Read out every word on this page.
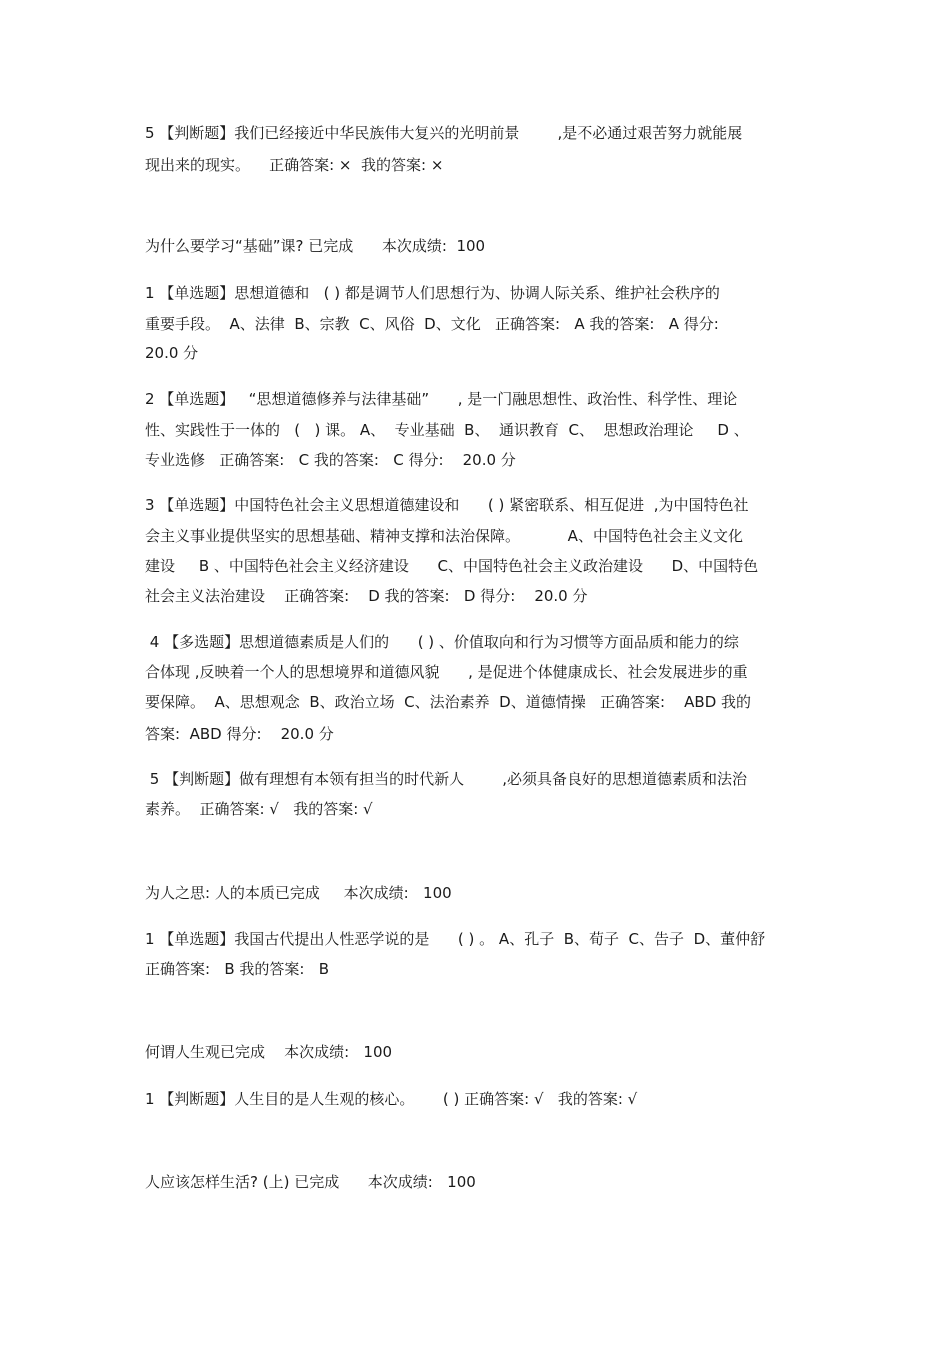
5 【判断题】我们已经接近中华民族伟大复兴的光明前景        ,是不必通过艰苦努力就能展
现出来的现实。    正确答案: ×  我的答案: ×
为什么要学习“基础”课? 已完成      本次成绩:  100
1 【单选题】思想道德和   ( ) 都是调节人们思想行为、协调人际关系、维护社会秩序的
重要手段。  A、法律  B、宗教  C、风俗  D、文化   正确答案:   A 我的答案:   A 得分:
20.0 分
2 【单选题】   “思想道德修养与法律基础”      , 是一门融思想性、政治性、科学性、理论
性、实践性于一体的   (   ) 课。 A、  专业基础  B、  通识教育  C、  思想政治理论     D 、
专业选修   正确答案:   C 我的答案:   C 得分:    20.0 分
3 【单选题】中国特色社会主义思想道德建设和      ( ) 紧密联系、相互促进  ,为中国特色社
会主义事业提供坚实的思想基础、精神支撑和法治保障。          A、中国特色社会主义文化
建设     B 、中国特色社会主义经济建设      C、中国特色社会主义政治建设      D、中国特色
社会主义法治建设    正确答案:    D 我的答案:   D 得分:    20.0 分
4 【多选题】思想道德素质是人们的      ( ) 、价值取向和行为习惯等方面品质和能力的综
合体现 ,反映着一个人的思想境界和道德风貌      , 是促进个体健康成长、社会发展进步的重
要保障。  A、思想观念  B、政治立场  C、法治素养  D、道德情操   正确答案:    ABD 我的
答案:  ABD 得分:    20.0 分
5 【判断题】做有理想有本领有担当的时代新人        ,必须具备良好的思想道德素质和法治
素养。  正确答案: √   我的答案: √
为人之思: 人的本质已完成     本次成绩:   100
1 【单选题】我国古代提出人性恶学说的是      ( ) 。 A、孔子  B、荀子  C、告子  D、董仲舒
正确答案:   B 我的答案:   B
何谓人生观已完成    本次成绩:   100
1 【判断题】人生目的是人生观的核心。      ( ) 正确答案: √   我的答案: √
人应该怎样生活? (上) 已完成      本次成绩:   100
